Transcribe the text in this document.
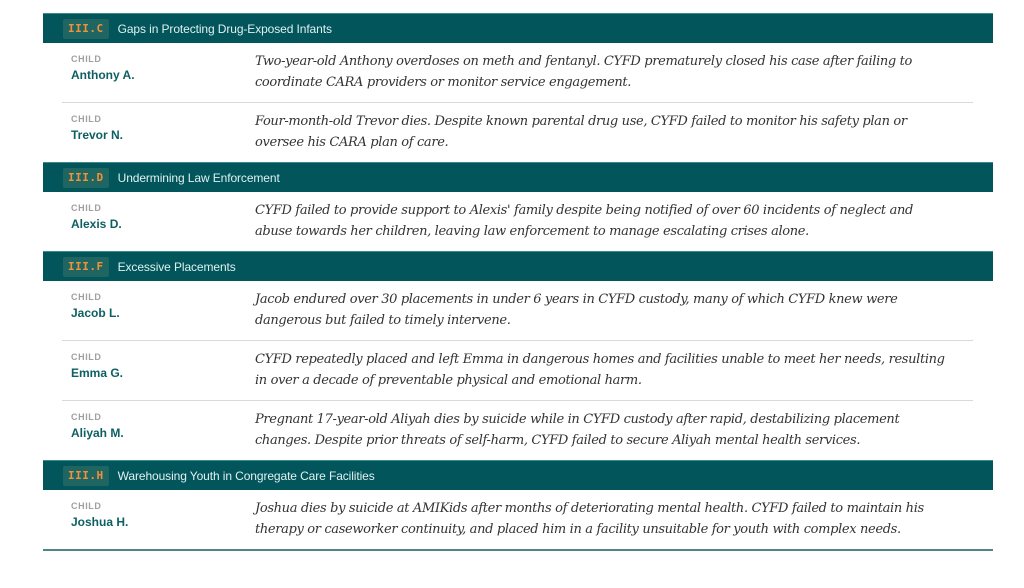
III.C	Gaps in Protecting Drug-Exposed Infants
CHILD
Anthony A.
Two-year-old Anthony overdoses on meth and fentanyl. CYFD prematurely closed his case after failing to coordinate CARA providers or monitor service engagement.
CHILD
Trevor N.
Four-month-old Trevor dies. Despite known parental drug use, CYFD failed to monitor his safety plan or oversee his CARA plan of care.
III.D	Undermining Law Enforcement
CHILD
Alexis D.
CYFD failed to provide support to Alexis' family despite being notified of over 60 incidents of neglect and abuse towards her children, leaving law enforcement to manage escalating crises alone.
III.F	Excessive Placements
CHILD
Jacob L.
Jacob endured over 30 placements in under 6 years in CYFD custody, many of which CYFD knew were dangerous but failed to timely intervene.
CHILD
Emma G.
CYFD repeatedly placed and left Emma in dangerous homes and facilities unable to meet her needs, resulting in over a decade of preventable physical and emotional harm.
CHILD
Aliyah M.
Pregnant 17-year-old Aliyah dies by suicide while in CYFD custody after rapid, destabilizing placement changes. Despite prior threats of self-harm, CYFD failed to secure Aliyah mental health services.
III.H	Warehousing Youth in Congregate Care Facilities
CHILD
Joshua H.
Joshua dies by suicide at AMIKids after months of deteriorating mental health. CYFD failed to maintain his therapy or caseworker continuity, and placed him in a facility unsuitable for youth with complex needs.
